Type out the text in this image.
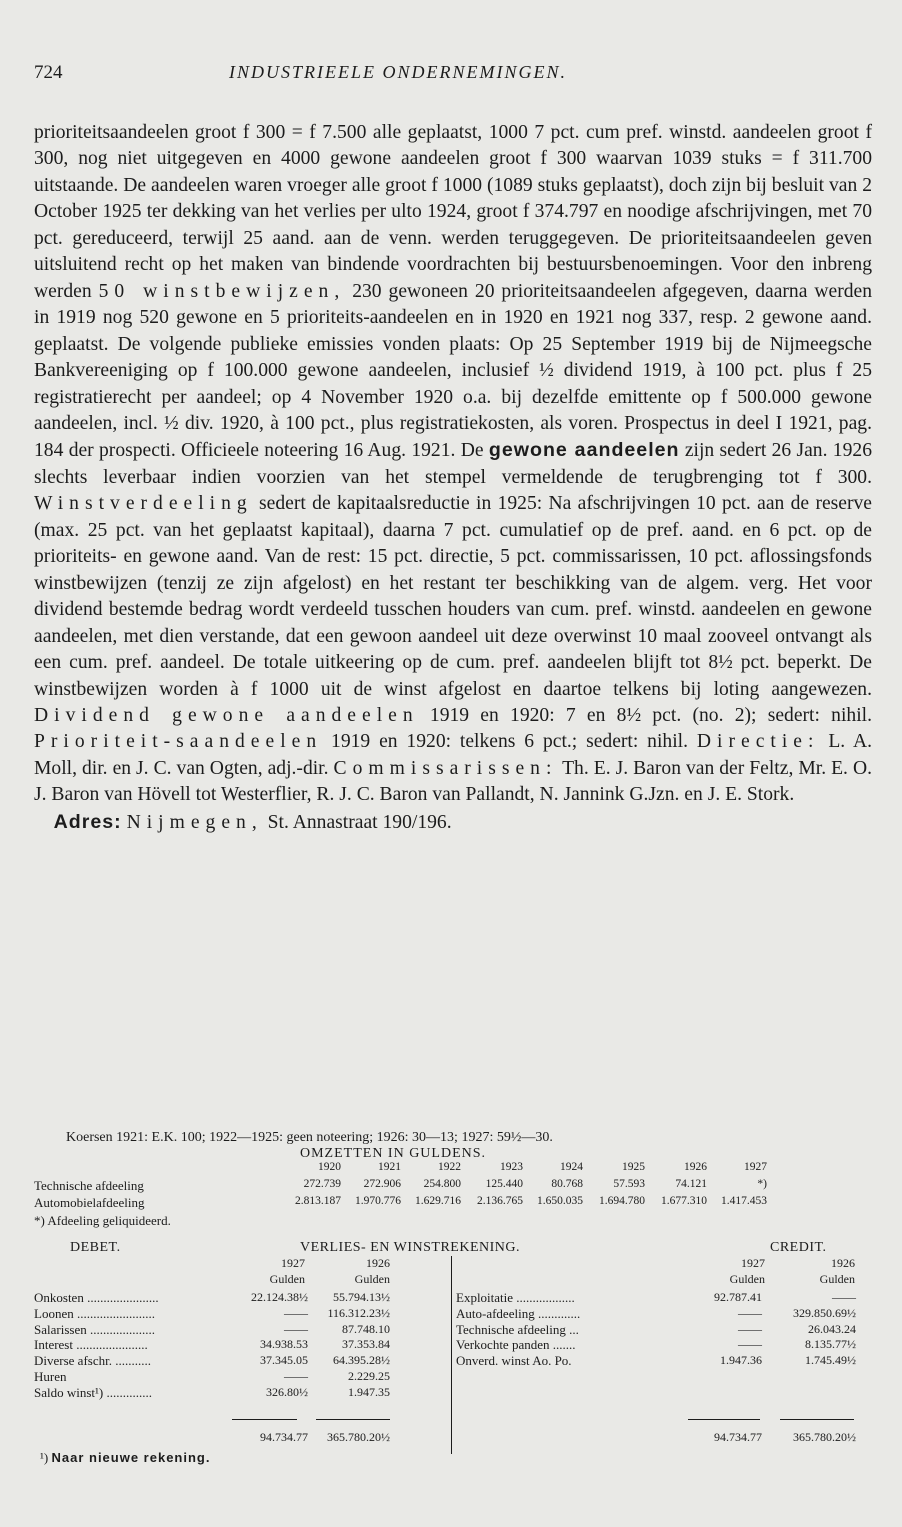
724	INDUSTRIEELE ONDERNEMINGEN.

prioriteitsaandeelen groot f 300 = f 7.500 alle geplaatst, 1000 7 pct. cum pref. winstd. aandeelen groot f 300, nog niet uitgegeven en 4000 gewone aandeelen groot f 300 waarvan 1039 stuks = f 311.700 uitstaande. De aandeelen waren vroeger alle groot f 1000 (1089 stuks geplaatst), doch zijn bij besluit van 2 October 1925 ter dekking van het verlies per ulto 1924, groot f 374.797 en noodige afschrijvingen, met 70 pct. gereduceerd, terwijl 25 aand. aan de venn. werden teruggegeven. De prioriteitsaandeelen geven uitsluitend recht op het maken van bindende voordrachten bij bestuursbenoemingen. Voor den inbreng werden 50 winstbewijzen, 230 gewoneen 20 prioriteitsaandeelen afgegeven, daarna werden in 1919 nog 520 gewone en 5 prioriteits-aandeelen en in 1920 en 1921 nog 337, resp. 2 gewone aand. geplaatst. De volgende publieke emissies vonden plaats: Op 25 September 1919 bij de Nijmeegsche Bankvereeniging op f 100.000 gewone aandeelen, inclusief ½ dividend 1919, à 100 pct. plus f 25 registratierecht per aandeel; op 4 November 1920 o.a. bij dezelfde emittente op f 500.000 gewone aandeelen, incl. ½ div. 1920, à 100 pct., plus registratiekosten, als voren. Prospectus in deel I 1921, pag. 184 der prospecti. Officieele noteering 16 Aug. 1921. De gewone aandeelen zijn sedert 26 Jan. 1926 slechts leverbaar indien voorzien van het stempel vermeldende de terugbrenging tot f 300. Winstverdeeling sedert de kapitaalsreductie in 1925: Na afschrijvingen 10 pct. aan de reserve (max. 25 pct. van het geplaatst kapitaal), daarna 7 pct. cumulatief op de pref. aand. en 6 pct. op de prioriteits- en gewone aand. Van de rest: 15 pct. directie, 5 pct. commissarissen, 10 pct. aflossingsfonds winstbewijzen (tenzij ze zijn afgelost) en het restant ter beschikking van de algem. verg. Het voor dividend bestemde bedrag wordt verdeeld tusschen houders van cum. pref. winstd. aandeelen en gewone aandeelen, met dien verstande, dat een gewoon aandeel uit deze overwinst 10 maal zooveel ontvangt als een cum. pref. aandeel. De totale uitkeering op de cum. pref. aandeelen blijft tot 8½ pct. beperkt. De winstbewijzen worden à f 1000 uit de winst afgelost en daartoe telkens bij loting aangewezen. Dividend gewone aandeelen 1919 en 1920: 7 en 8½ pct. (no. 2); sedert: nihil. Prioriteit-saandeelen 1919 en 1920: telkens 6 pct.; sedert: nihil. Directie: L. A. Moll, dir. en J. C. van Ogten, adj.-dir. Commissarissen: Th. E. J. Baron van der Feltz, Mr. E. O. J. Baron van Hövell tot Westerflier, R. J. C. Baron van Pallandt, N. Jannink G.Jzn. en J. E. Stork.

Adres: Nijmegen, St. Annastraat 190/196.

Koersen 1921: E.K. 100; 1922—1925: geen noteering; 1926: 30—13; 1927: 59½—30.
OMZETTEN IN GULDENS.
1920	1921	1922	1923	1924	1925	1926	1927
Technische afdeeling	272.739	272.906	254.800	125.440	80.768	57.593	74.121	*)
Automobielafdeeling	2.813.187	1.970.776	1.629.716	2.136.765	1.650.035	1.694.780	1.677.310	1.417.453
*) Afdeeling geliquideerd.
DEBET.	VERLIES- EN WINSTREKENING.	CREDIT.
1927	1926
Gulden	Gulden
1927	1926
Gulden	Gulden
Onkosten ......................	22.124.38½	55.794.13½
Loonen ........................	——	116.312.23½
Salarissen ....................	——	87.748.10
Interest ......................	34.938.53	37.353.84
Diverse afschr. ...........	37.345.05	64.395.28½
Huren	——	2.229.25
Saldo winst¹) ..............	326.80½	1.947.35
Exploitatie ..................	92.787.41	——
Auto-afdeeling .............	——	329.850.69½
Technische afdeeling ...	——	26.043.24
Verkochte panden .......	——	8.135.77½
Onverd. winst Ao. Po.	1.947.36	1.745.49½
94.734.77	365.780.20½	94.734.77	365.780.20½
¹) Naar nieuwe rekening.
